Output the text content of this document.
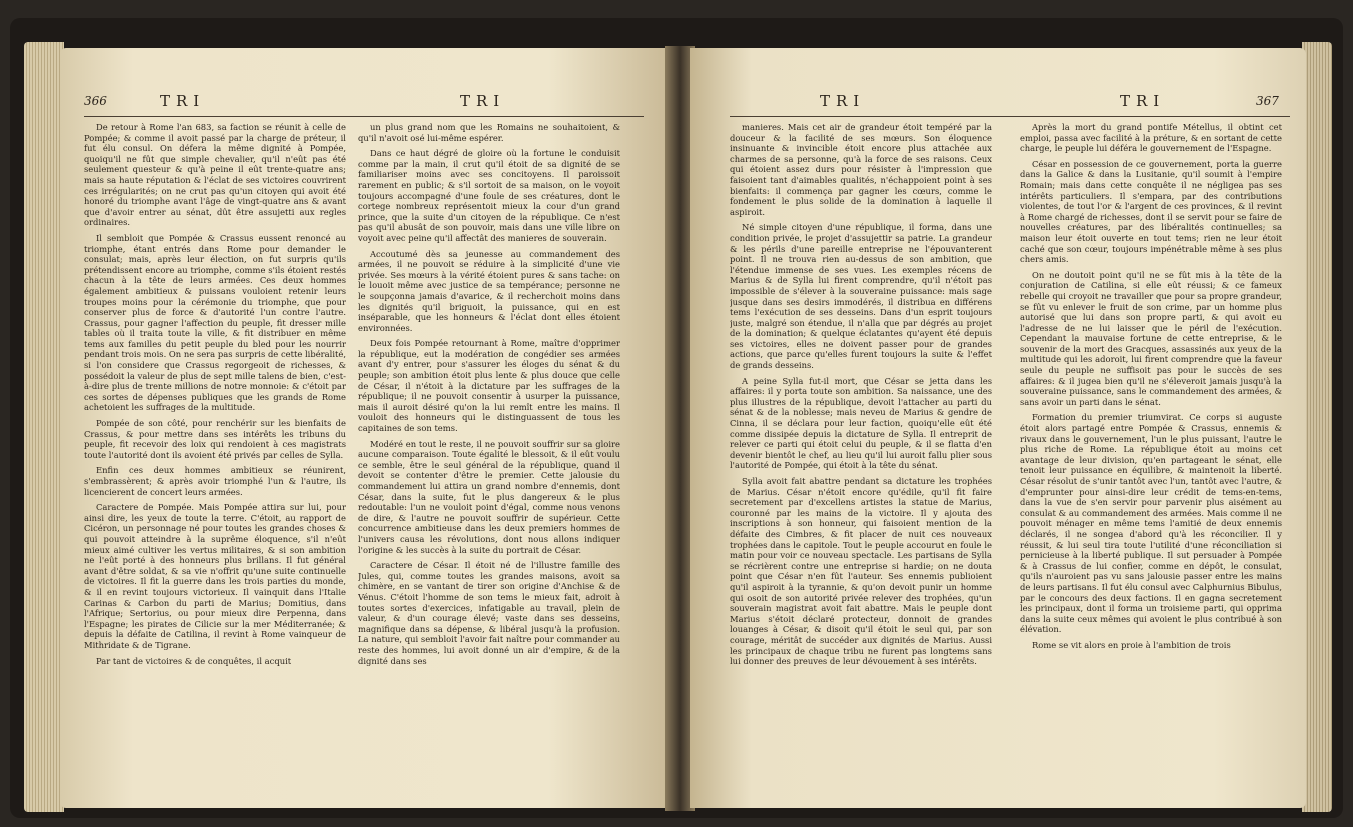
366	TRI	TRI

De retour à Rome l'an 683, sa faction se réunit à celle de Pompée; & comme il avoit passé par la charge de préteur, il fut élu consul. On défera la même dignité à Pompée, quoiqu'il ne fût que simple chevalier, qu'il n'eût pas été seulement questeur & qu'à peine il eût trente-quatre ans; mais sa haute réputation & l'éclat de ses victoires couvrirent ces irrégularités; on ne crut pas qu'un citoyen qui avoit été honoré du triomphe avant l'âge de vingt-quatre ans & avant que d'avoir entrer au sénat, dût être assujetti aux regles ordinaires.

Il sembloit que Pompée & Crassus eussent renoncé au triomphe, étant entrés dans Rome pour demander le consulat; mais, après leur élection, on fut surpris qu'ils prétendissent encore au triomphe, comme s'ils étoient restés chacun à la tête de leurs armées. Ces deux hommes également ambitieux & puissans vouloient retenir leurs troupes moins pour la cérémonie du triomphe, que pour conserver plus de force & d'autorité l'un contre l'autre. Crassus, pour gagner l'affection du peuple, fit dresser mille tables où il traita toute la ville, & fit distribuer en même tems aux familles du petit peuple du bled pour les nourrir pendant trois mois. On ne sera pas surpris de cette libéralité, si l'on considere que Crassus regorgeoit de richesses, & possédoit la valeur de plus de sept mille talens de bien, c'est-à-dire plus de trente millions de notre monnoie: & c'étoit par ces sortes de dépenses publiques que les grands de Rome achetoient les suffrages de la multitude.

Pompée de son côté, pour renchérir sur les bienfaits de Crassus, & pour mettre dans ses intérêts les tribuns du peuple, fit recevoir des loix qui rendoient à ces magistrats toute l'autorité dont ils avoient été privés par celles de Sylla.

Enfin ces deux hommes ambitieux se réunirent, s'embrassèrent; & après avoir triomphé l'un & l'autre, ils licencierent de concert leurs armées.

Caractere de Pompée. Mais Pompée attira sur lui, pour ainsi dire, les yeux de toute la terre. C'étoit, au rapport de Cicéron, un personnage né pour toutes les grandes choses & qui pouvoit atteindre à la suprême éloquence, s'il n'eût mieux aimé cultiver les vertus militaires, & si son ambition ne l'eût porté à des honneurs plus brillans. Il fut général avant d'être soldat, & sa vie n'offrit qu'une suite continuelle de victoires. Il fit la guerre dans les trois parties du monde, & il en revint toujours victorieux. Il vainquit dans l'Italie Carinas & Carbon du parti de Marius; Domitius, dans l'Afrique; Sertorius, ou pour mieux dire Perpenna, dans l'Espagne; les pirates de Cilicie sur la mer Méditerranée; & depuis la défaite de Catilina, il revint à Rome vainqueur de Mithridate & de Tigrane.

Par tant de victoires & de conquêtes, il acquit

un plus grand nom que les Romains ne souhaitoient, & qu'il n'avoit osé lui-même espérer.

Dans ce haut dégré de gloire où la fortune le conduisit comme par la main, il crut qu'il étoit de sa dignité de se familiariser moins avec ses concitoyens. Il paroissoit rarement en public; & s'il sortoit de sa maison, on le voyoit toujours accompagné d'une foule de ses créatures, dont le cortege nombreux représentoit mieux la cour d'un grand prince, que la suite d'un citoyen de la république. Ce n'est pas qu'il abusât de son pouvoir, mais dans une ville libre on voyoit avec peine qu'il affectât des manieres de souverain.

Accoutumé dès sa jeunesse au commandement des armées, il ne pouvoit se réduire à la simplicité d'une vie privée. Ses mœurs à la vérité étoient pures & sans tache: on le louoit même avec justice de sa tempérance; personne ne le soupçonna jamais d'avarice, & il recherchoit moins dans les dignités qu'il briguoit, la puissance, qui en est inséparable, que les honneurs & l'éclat dont elles étoient environnées.

Deux fois Pompée retournant à Rome, maître d'opprimer la république, eut la modération de congédier ses armées avant d'y entrer, pour s'assurer les éloges du sénat & du peuple; son ambition étoit plus lente & plus douce que celle de César, il n'étoit à la dictature par les suffrages de la république; il ne pouvoit consentir à usurper la puissance, mais il auroit désiré qu'on la lui remît entre les mains. Il vouloit des honneurs qui le distinguassent de tous les capitaines de son tems.

Modéré en tout le reste, il ne pouvoit souffrir sur sa gloire aucune comparaison. Toute égalité le blessoit, & il eût voulu ce semble, être le seul général de la république, quand il devoit se contenter d'être le premier. Cette jalousie du commandement lui attira un grand nombre d'ennemis, dont César, dans la suite, fut le plus dangereux & le plus redoutable: l'un ne vouloit point d'égal, comme nous venons de dire, & l'autre ne pouvoit souffrir de supérieur. Cette concurrence ambitieuse dans les deux premiers hommes de l'univers causa les révolutions, dont nous allons indiquer l'origine & les succès à la suite du portrait de César.

Caractere de César. Il étoit né de l'illustre famille des Jules, qui, comme toutes les grandes maisons, avoit sa chimère, en se vantant de tirer son origine d'Anchise & de Vénus. C'étoit l'homme de son tems le mieux fait, adroit à toutes sortes d'exercices, infatigable au travail, plein de valeur, & d'un courage élevé; vaste dans ses desseins, magnifique dans sa dépense, & libéral jusqu'à la profusion. La nature, qui sembloit l'avoir fait naître pour commander au reste des hommes, lui avoit donné un air d'empire, & de la dignité dans ses

TRI	TRI	367

manieres. Mais cet air de grandeur étoit tempéré par la douceur & la facilité de ses mœurs. Son éloquence insinuante & invincible étoit encore plus attachée aux charmes de sa personne, qu'à la force de ses raisons. Ceux qui étoient assez durs pour résister à l'impression que faisoient tant d'aimables qualités, n'échappoient point à ses bienfaits: il commença par gagner les cœurs, comme le fondement le plus solide de la domination à laquelle il aspiroit.

Né simple citoyen d'une république, il forma, dans une condition privée, le projet d'assujettir sa patrie. La grandeur & les périls d'une pareille entreprise ne l'épouvanterent point. Il ne trouva rien au-dessus de son ambition, que l'étendue immense de ses vues. Les exemples récens de Marius & de Sylla lui firent comprendre, qu'il n'étoit pas impossible de s'élever à la souveraine puissance: mais sage jusque dans ses desirs immodérés, il distribua en différens tems l'exécution de ses desseins. Dans d'un esprit toujours juste, malgré son étendue, il n'alla que par dégrés au projet de la domination; & quelque éclatantes qu'ayent été depuis ses victoires, elles ne doivent passer pour de grandes actions, que parce qu'elles furent toujours la suite & l'effet de grands desseins.

A peine Sylla fut-il mort, que César se jetta dans les affaires: il y porta toute son ambition. Sa naissance, une des plus illustres de la république, devoit l'attacher au parti du sénat & de la noblesse; mais neveu de Marius & gendre de Cinna, il se déclara pour leur faction, quoiqu'elle eût été comme dissipée depuis la dictature de Sylla. Il entreprit de relever ce parti qui étoit celui du peuple, & il se flatta d'en devenir bientôt le chef, au lieu qu'il lui auroit fallu plier sous l'autorité de Pompée, qui étoit à la tête du sénat.

Sylla avoit fait abattre pendant sa dictature les trophées de Marius. César n'étoit encore qu'édile, qu'il fit faire secretement par d'excellens artistes la statue de Marius, couronné par les mains de la victoire. Il y ajouta des inscriptions à son honneur, qui faisoient mention de la défaite des Cimbres, & fit placer de nuit ces nouveaux trophées dans le capitole. Tout le peuple accourut en foule le matin pour voir ce nouveau spectacle. Les partisans de Sylla se récrièrent contre une entreprise si hardie; on ne douta point que César n'en fût l'auteur. Ses ennemis publioient qu'il aspiroit à la tyrannie, & qu'on devoit punir un homme qui osoit de son autorité privée relever des trophées, qu'un souverain magistrat avoit fait abattre. Mais le peuple dont Marius s'étoit déclaré protecteur, donnoit de grandes louanges à César, & disoit qu'il étoit le seul qui, par son courage, méritât de succéder aux dignités de Marius. Aussi les principaux de chaque tribu ne furent pas longtems sans lui donner des preuves de leur dévouement à ses intérêts.

Après la mort du grand pontife Métellus, il obtint cet emploi, passa avec facilité à la préture, & en sortant de cette charge, le peuple lui déféra le gouvernement de l'Espagne.

César en possession de ce gouvernement, porta la guerre dans la Galice & dans la Lusitanie, qu'il soumit à l'empire Romain; mais dans cette conquête il ne négligea pas ses intérêts particuliers. Il s'empara, par des contributions violentes, de tout l'or & l'argent de ces provinces, & il revint à Rome chargé de richesses, dont il se servit pour se faire de nouvelles créatures, par des libéralités continuelles; sa maison leur étoit ouverte en tout tems; rien ne leur étoit caché que son cœur, toujours impénétrable même à ses plus chers amis.

On ne doutoit point qu'il ne se fût mis à la tête de la conjuration de Catilina, si elle eût réussi; & ce fameux rebelle qui croyoit ne travailler que pour sa propre grandeur, se fût vu enlever le fruit de son crime, par un homme plus autorisé que lui dans son propre parti, & qui avoit eu l'adresse de ne lui laisser que le péril de l'exécution. Cependant la mauvaise fortune de cette entreprise, & le souvenir de la mort des Gracques, assassinés aux yeux de la multitude qui les adoroit, lui firent comprendre que la faveur seule du peuple ne suffisoit pas pour le succès de ses affaires: & il jugea bien qu'il ne s'éleveroit jamais jusqu'à la souveraine puissance, sans le commandement des armées, & sans avoir un parti dans le sénat.

Formation du premier triumvirat. Ce corps si auguste étoit alors partagé entre Pompée & Crassus, ennemis & rivaux dans le gouvernement, l'un le plus puissant, l'autre le plus riche de Rome. La république étoit au moins cet avantage de leur division, qu'en partageant le sénat, elle tenoit leur puissance en équilibre, & maintenoit la liberté. César résolut de s'unir tantôt avec l'un, tantôt avec l'autre, & d'emprunter pour ainsi-dire leur crédit de tems-en-tems, dans la vue de s'en servir pour parvenir plus aisément au consulat & au commandement des armées. Mais comme il ne pouvoit ménager en même tems l'amitié de deux ennemis déclarés, il ne songea d'abord qu'à les réconcilier. Il y réussit, & lui seul tira toute l'utilité d'une réconciliation si pernicieuse à la liberté publique. Il sut persuader à Pompée & à Crassus de lui confier, comme en dépôt, le consulat, qu'ils n'auroient pas vu sans jalousie passer entre les mains de leurs partisans. Il fut élu consul avec Calphurnius Bibulus, par le concours des deux factions. Il en gagna secretement les principaux, dont il forma un troisieme parti, qui opprima dans la suite ceux mêmes qui avoient le plus contribué à son élévation.

Rome se vit alors en proie à l'ambition de trois
